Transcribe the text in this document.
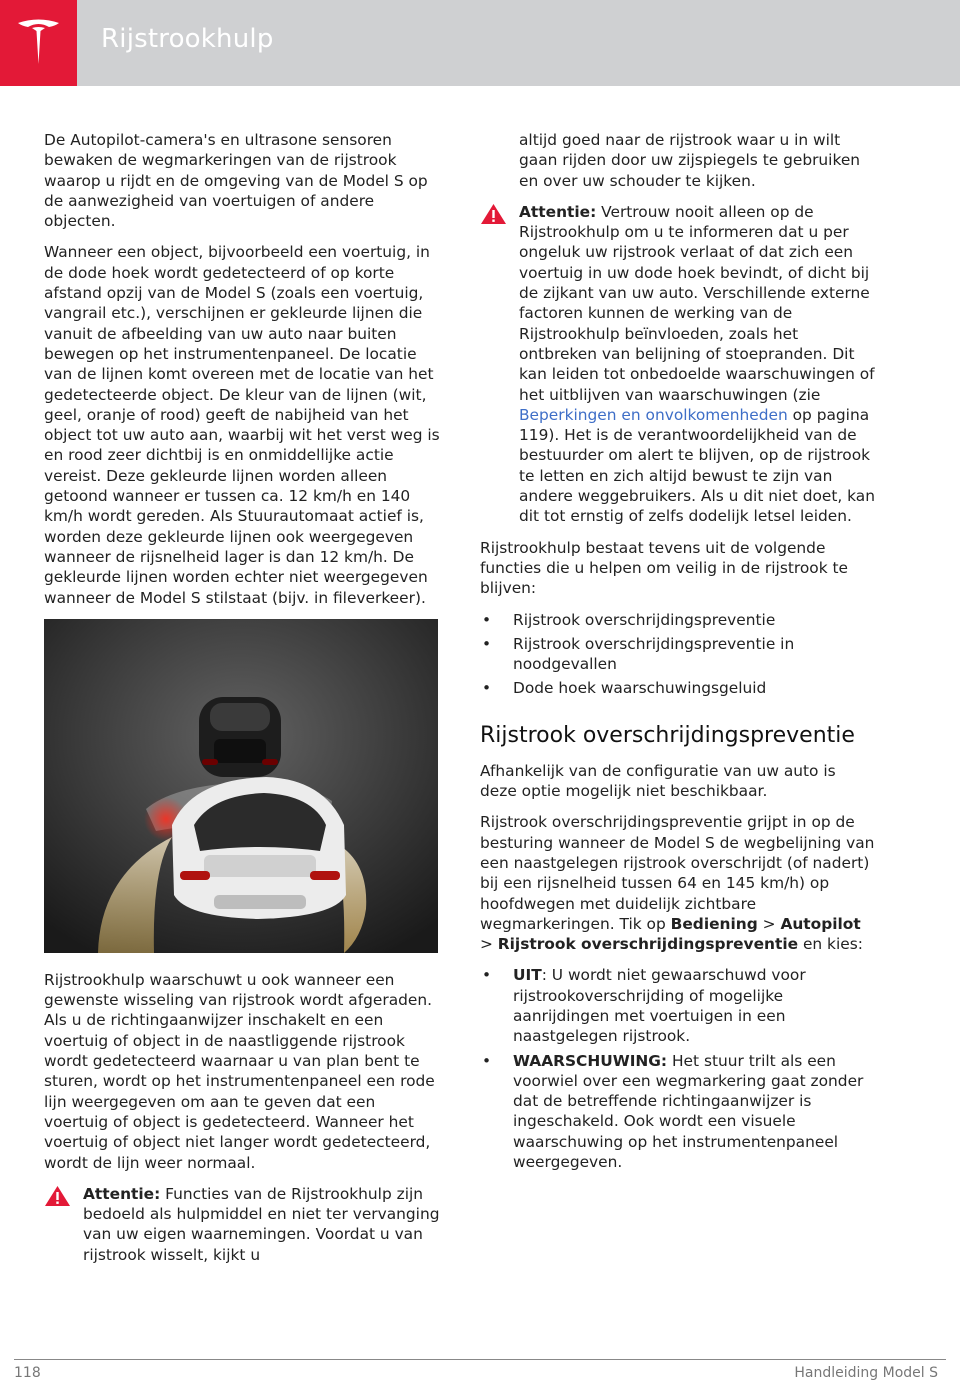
Rijstrookhulp

De Autopilot-camera's en ultrasone sensoren bewaken de wegmarkeringen van de rijstrook waarop u rijdt en de omgeving van de Model S op de aanwezigheid van voertuigen of andere objecten.

Wanneer een object, bijvoorbeeld een voertuig, in de dode hoek wordt gedetecteerd of op korte afstand opzij van de Model S (zoals een voertuig, vangrail etc.), verschijnen er gekleurde lijnen die vanuit de afbeelding van uw auto naar buiten bewegen op het instrumentenpaneel. De locatie van de lijnen komt overeen met de locatie van het gedetecteerde object. De kleur van de lijnen (wit, geel, oranje of rood) geeft de nabijheid van het object tot uw auto aan, waarbij wit het verst weg is en rood zeer dichtbij is en onmiddellijke actie vereist. Deze gekleurde lijnen worden alleen getoond wanneer er tussen ca. 12 km/h en 140 km/h wordt gereden. Als Stuurautomaat actief is, worden deze gekleurde lijnen ook weergegeven wanneer de rijsnelheid lager is dan 12 km/h. De gekleurde lijnen worden echter niet weergegeven wanneer de Model S stilstaat (bijv. in fileverkeer).

Rijstrookhulp waarschuwt u ook wanneer een gewenste wisseling van rijstrook wordt afgeraden. Als u de richtingaanwijzer inschakelt en een voertuig of object in de naastliggende rijstrook wordt gedetecteerd waarnaar u van plan bent te sturen, wordt op het instrumentenpaneel een rode lijn weergegeven om aan te geven dat een voertuig of object is gedetecteerd. Wanneer het voertuig of object niet langer wordt gedetecteerd, wordt de lijn weer normaal.

Attentie: Functies van de Rijstrookhulp zijn bedoeld als hulpmiddel en niet ter vervanging van uw eigen waarnemingen. Voordat u van rijstrook wisselt, kijkt u
altijd goed naar de rijstrook waar u in wilt gaan rijden door uw zijspiegels te gebruiken en over uw schouder te kijken.
Attentie: Vertrouw nooit alleen op de Rijstrookhulp om u te informeren dat u per ongeluk uw rijstrook verlaat of dat zich een voertuig in uw dode hoek bevindt, of dicht bij de zijkant van uw auto. Verschillende externe factoren kunnen de werking van de Rijstrookhulp beïnvloeden, zoals het ontbreken van belijning of stoepranden. Dit kan leiden tot onbedoelde waarschuwingen of het uitblijven van waarschuwingen (zie Beperkingen en onvolkomenheden op pagina 119). Het is de verantwoordelijkheid van de bestuurder om alert te blijven, op de rijstrook te letten en zich altijd bewust te zijn van andere weggebruikers. Als u dit niet doet, kan dit tot ernstig of zelfs dodelijk letsel leiden.

Rijstrookhulp bestaat tevens uit de volgende functies die u helpen om veilig in de rijstrook te blijven:

• Rijstrook overschrijdingspreventie
• Rijstrook overschrijdingspreventie in noodgevallen
• Dode hoek waarschuwingsgeluid
Rijstrook overschrijdingspreventie

Afhankelijk van de configuratie van uw auto is deze optie mogelijk niet beschikbaar.

Rijstrook overschrijdingspreventie grijpt in op de besturing wanneer de Model S de wegbelijning van een naastgelegen rijstrook overschrijdt (of nadert) bij een rijsnelheid tussen 64 en 145 km/h) op hoofdwegen met duidelijk zichtbare wegmarkeringen. Tik op Bediening > Autopilot > Rijstrook overschrijdingspreventie en kies:

• UIT: U wordt niet gewaarschuwd voor rijstrookoverschrijding of mogelijke aanrijdingen met voertuigen in een naastgelegen rijstrook.
• WAARSCHUWING: Het stuur trilt als een voorwiel over een wegmarkering gaat zonder dat de betreffende richtingaanwijzer is ingeschakeld. Ook wordt een visuele waarschuwing op het instrumentenpaneel weergegeven.
118	Handleiding Model S
